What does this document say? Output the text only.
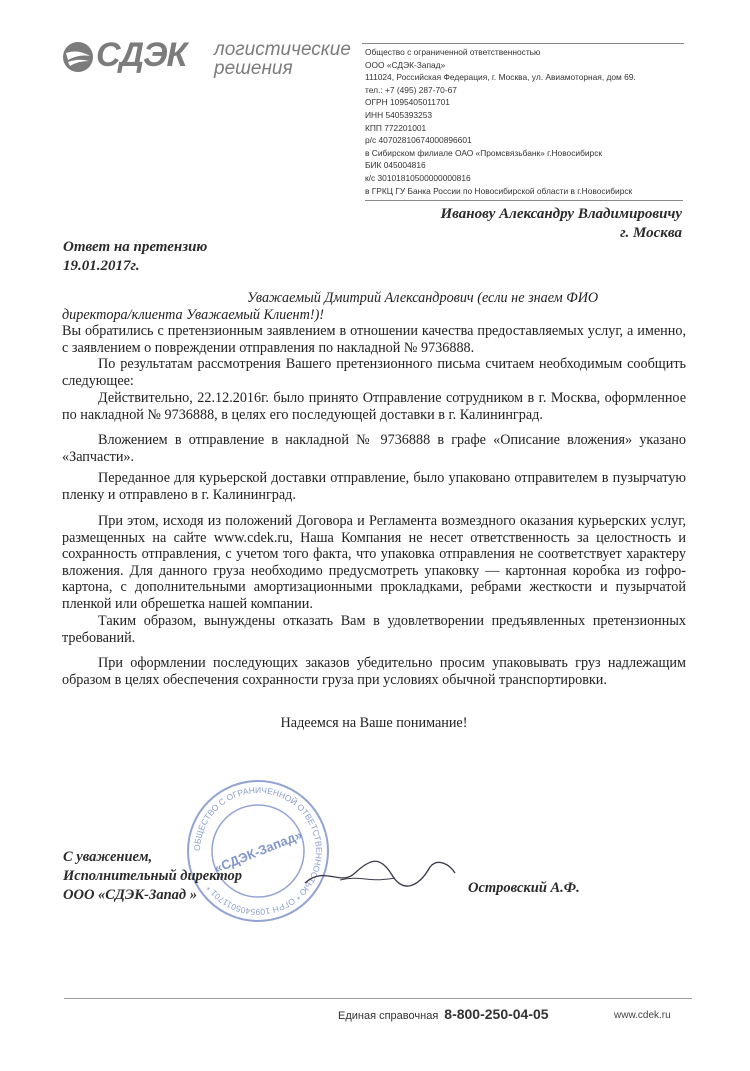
СДЭК логистические
решения
Общество с ограниченной ответственностью
ООО «СДЭК-Запад»
111024, Российская Федерация, г. Москва, ул. Авиамоторная, дом 69.
тел.: +7 (495) 287-70-67
ОГРН 1095405011701
ИНН 5405393253
КПП 772201001
р/с 40702810674000896601
в Сибирском филиале ОАО «Промсвязьбанк» г.Новосибирск
БИК 045004816
к/с 30101810500000000816
в ГРКЦ ГУ Банка России по Новосибирской области в г.Новосибирск
Иванову Александру Владимировичу
г. Москва
Ответ на претензию
19.01.2017г.
Уважаемый Дмитрий Александрович (если не знаем ФИО
директора/клиента Уважаемый Клиент!)!
Вы обратились с претензионным заявлением в отношении качества предоставляемых услуг, а именно, с заявлением о повреждении отправления по накладной № 9736888.
По результатам рассмотрения Вашего претензионного письма считаем необходимым сообщить следующее:
Действительно, 22.12.2016г. было принято Отправление сотрудником в г. Москва, оформленное по накладной № 9736888, в целях его последующей доставки в г. Калининград.
Вложением в отправление в накладной № 9736888 в графе «Описание вложения» указано «Запчасти».
Переданное для курьерской доставки отправление, было упаковано отправителем в пузырчатую пленку и отправлено в г. Калининград.
При этом, исходя из положений Договора и Регламента возмездного оказания курьерских услуг, размещенных на сайте www.cdek.ru, Наша Компания не несет ответственность за целостность и сохранность отправления, с учетом того факта, что упаковка отправления не соответствует характеру вложения. Для данного груза необходимо предусмотреть упаковку — картонная коробка из гофро-картона, с дополнительными амортизационными прокладками, ребрами жесткости и пузырчатой пленкой или обрешетка нашей компании.
Таким образом, вынуждены отказать Вам в удовлетворении предъявленных претензионных требований.
При оформлении последующих заказов убедительно просим упаковывать груз надлежащим образом в целях обеспечения сохранности груза при условиях обычной транспортировки.
Надеемся на Ваше понимание!
ОБЩЕСТВО С ОГРАНИЧЕННОЙ ОТВЕТСТВЕННОСТЬЮ * ОГРН 1095405011701 *
«СДЭК-Запад»
С уважением,
Исполнительный директор
ООО «СДЭК-Запад »	Островский А.Ф.
Единая справочная 8-800-250-04-05	www.cdek.ru
